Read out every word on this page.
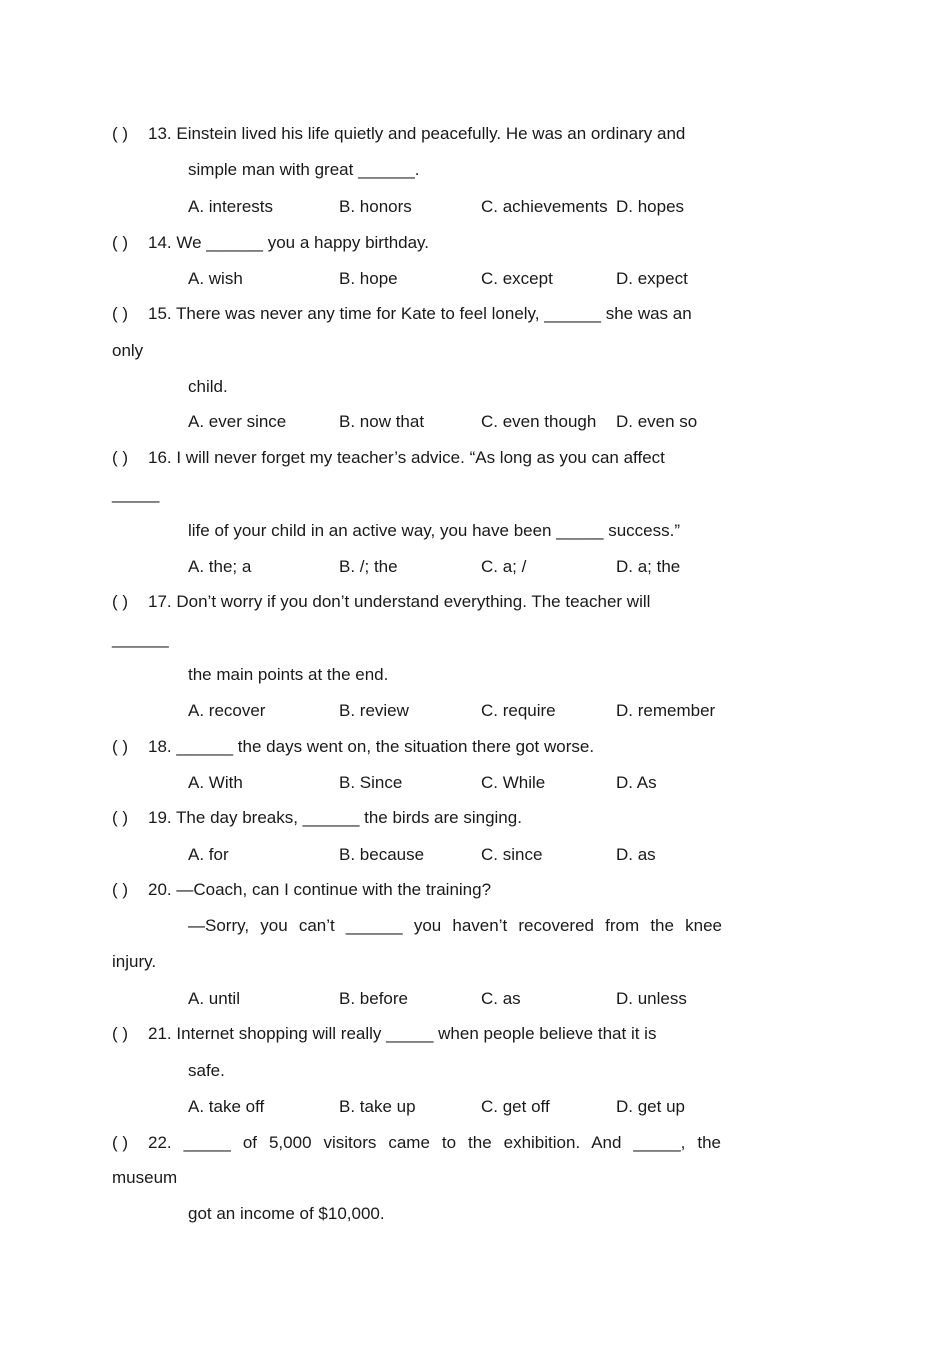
( ) 13. Einstein lived his life quietly and peacefully. He was an ordinary and
simple man with great ______.
A. interests	B. honors	C. achievements D. hopes
( ) 14. We ______ you a happy birthday.
A. wish	B. hope	C. except	D. expect
( ) 15. There was never any time for Kate to feel lonely, ______ she was an
only
child.
A. ever since	B. now that	C. even though D. even so
( ) 16. I will never forget my teacher’s advice. “As long as you can affect
_____
life of your child in an active way, you have been _____ success.”
A. the; a	B. /; the	C. a; /	D. a; the
( ) 17. Don’t worry if you don’t understand everything. The teacher will
______
the main points at the end.
A. recover	B. review	C. require	D. remember
( ) 18. ______ the days went on, the situation there got worse.
A. With	B. Since	C. While	D. As
( ) 19. The day breaks, ______ the birds are singing.
A. for	B. because	C. since	D. as
( ) 20. —Coach, can I continue with the training?
—Sorry, you can’t ______ you haven’t recovered from the knee
injury.
A. until	B. before	C. as	D. unless
( ) 21. Internet shopping will really _____ when people believe that it is
safe.
A. take off	B. take up	C. get off	D. get up
( ) 22. _____ of 5,000 visitors came to the exhibition. And _____, the
museum
got an income of $10,000.
